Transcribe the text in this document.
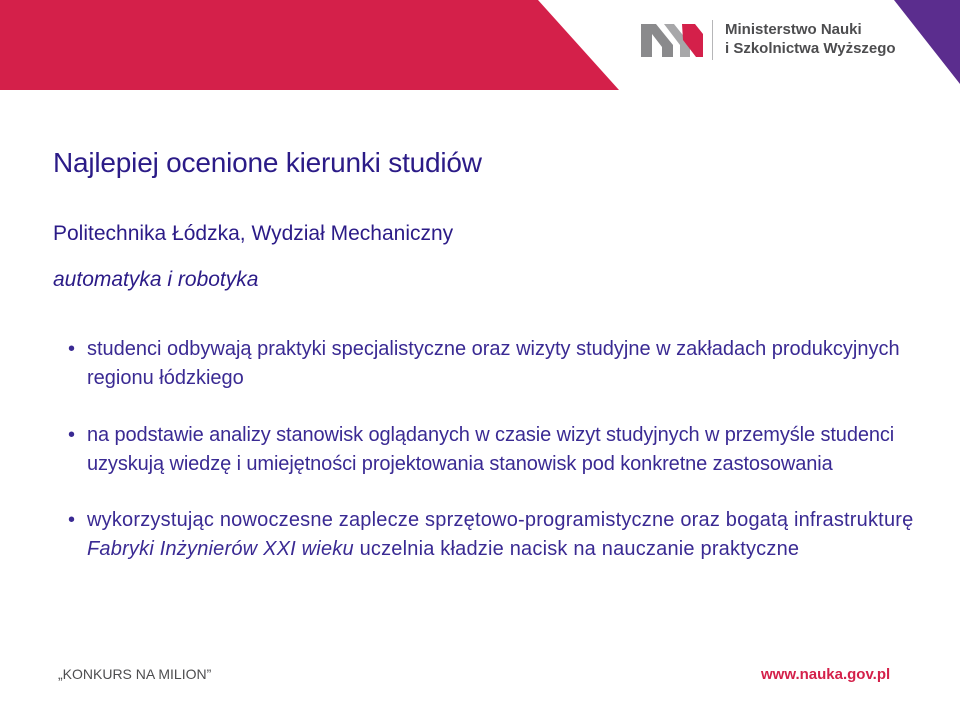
Ministerstwo Nauki
i Szkolnictwa Wyższego
Najlepiej ocenione kierunki studiów

Politechnika Łódzka, Wydział Mechaniczny

automatyka i robotyka

• studenci odbywają praktyki specjalistyczne oraz wizyty studyjne w zakładach produkcyjnych regionu łódzkiego
• na podstawie analizy stanowisk oglądanych w czasie wizyt studyjnych w przemyśle studenci uzyskują wiedzę i umiejętności projektowania stanowisk pod konkretne zastosowania
• wykorzystując nowoczesne zaplecze sprzętowo-programistyczne oraz bogatą infrastrukturę Fabryki Inżynierów XXI wieku uczelnia kładzie nacisk na nauczanie praktyczne
„KONKURS NA MILION”	www.nauka.gov.pl
